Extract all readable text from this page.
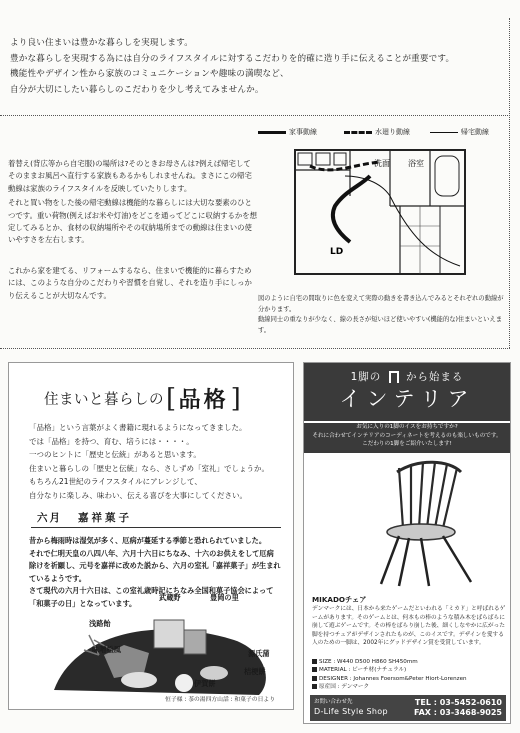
より良い住まいは豊かな暮らしを実現します。
豊かな暮らしを実現する為には自分のライフスタイルに対するこだわりを的確に造り手に伝えることが重要です。
機能性やデザイン性から家族のコミュニケーションや趣味の満喫など、
自分が大切にしたい暮らしのこだわりを少し考えてみませんか。
家事動線	水廻り動線	帰宅動線
洗面 浴室
LD

着替え(背広等から自宅服)の場所は?そのときお母さんは?例えば帰宅してそのままお風呂へ直行する家族もあるかもしれませんね。まさにこの帰宅動線は家族のライフスタイルを反映していたりします。

それと買い物をした後の帰宅動線は機能的な暮らしには大切な要素のひとつです。重い荷物(例えばお米や灯油)をどこを通ってどこに収納するかを想定してみるとか、食材の収納場所やその収納場所までの動線は住まいの使いやすさを左右します。

これから家を建てる、リフォームするなら、住まいで機能的に暮らすためには、このような自分のこだわりや習慣を自覚し、それを造り手にしっかり伝えることが大切なんです。	図のように自宅の間取りに色を変えて実際の動きを書き込んでみるとそれぞれの動線が分かります。
動線同士の重なりが少なく、線の長さが短いほど使いやすい(機能的な)住まいといえます。
住まいと暮らしの [ 品格 ]
「品格」という言葉がよく書籍に現れるようになってきました。
では「品格」を持つ、育む、培うには・・・・。
一つのヒントに「歴史と伝統」があると思います。
住まいと暮らしの「歴史と伝統」なら、さしずめ「室礼」でしょうか。
もちろん21世紀のライフスタイルにアレンジして、
自分なりに楽しみ、味わい、伝える喜びを大事にしてください。
六月 嘉祥菓子
昔から梅雨時は湿気が多く、厄病が蔓延する季節と恐れられていました。
それで仁明天皇の八四八年、六月十六日にちなみ、十六のお供えをして厄病
除けを祈願し、元号を嘉祥に改めた説から、六月の室礼「嘉祥菓子」が生まれ
ているようです。
さて現代の六月十六日は、この室礼歳時記にちなみ全国和菓子協会によって
「和菓子の日」となっています。
武蔵野	豊岡の里
浅路飴
味噌松風	源氏蒲
桔梗餅
伊賀餅
恒子様 : 茶の湯四方山話 : 和菓子の日より
1脚の から始まる
インテリア
お気に入りの1脚のイスをお持ちですか?
それに合わせてインテリアのコーディネートを考えるのも楽しいものです。
こだわりの1脚をご紹介いたします!
MIKADOチェア
デンマークには、日本から来たゲームだといわれる「ミカド」と呼ばれるゲームがあります。そのゲームとは、何本もの棒のような積み木をばらばらに崩して遊ぶゲームです。その棒をばらり崩した後、細くしなやかに広がった脚を持つチェアがデザインされたものが、このイスです。デザインを愛する人のための一脚は、2002年にグッドデザイン賞を受賞しています。
SIZE : W440 D500 H860 SH450mm
MATERIAL : ビーチ材(ナチュラル)
DESIGNER : Johannes Foersom&Peter Hiort-Lorenzen
原産国 : デンマーク
お問い合わせ先
D-Life Style Shop
TEL : 03-5452-0610
FAX : 03-3468-9025
